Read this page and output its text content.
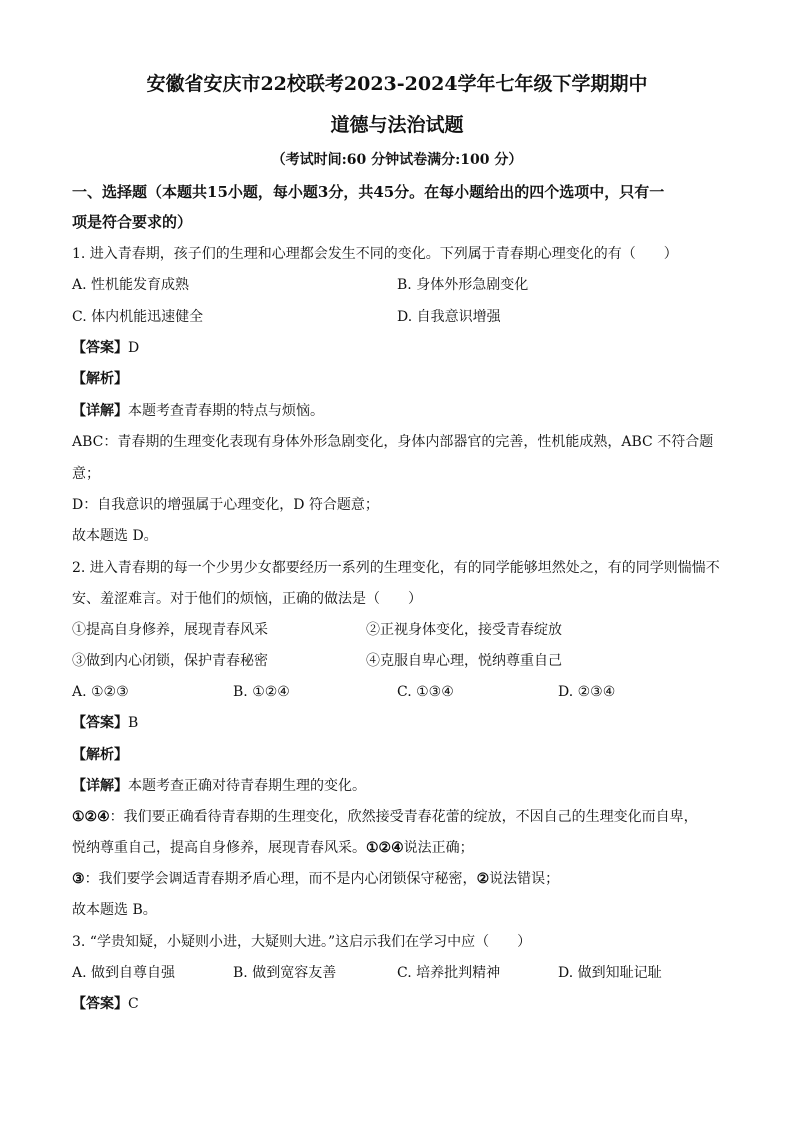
安徽省安庆市22校联考2023-2024学年七年级下学期期中
道德与法治试题
（考试时间:60 分钟试卷满分:100 分）
一、选择题（本题共15小题，每小题3分，共45分。在每小题给出的四个选项中，只有一
项是符合要求的）
1. 进入青春期，孩子们的生理和心理都会发生不同的变化。下列属于青春期心理变化的有（　　）
A. 性机能发育成熟	B. 身体外形急剧变化
C. 体内机能迅速健全	D. 自我意识增强
【答案】D
【解析】
【详解】本题考查青春期的特点与烦恼。
ABC：青春期的生理变化表现有身体外形急剧变化，身体内部器官的完善，性机能成熟，ABC 不符合题
意；
D：自我意识的增强属于心理变化，D 符合题意；
故本题选 D。
2. 进入青春期的每一个少男少女都要经历一系列的生理变化，有的同学能够坦然处之，有的同学则惴惴不
安、羞涩难言。对于他们的烦恼，正确的做法是（　　）
①提高自身修养，展现青春风采	②正视身体变化，接受青春绽放
③做到内心闭锁，保护青春秘密	④克服自卑心理，悦纳尊重自己
A. ①②③	B. ①②④	C. ①③④	D. ②③④
【答案】B
【解析】
【详解】本题考查正确对待青春期生理的变化。
①②④：我们要正确看待青春期的生理变化，欣然接受青春花蕾的绽放，不因自己的生理变化而自卑，
悦纳尊重自己，提高自身修养，展现青春风采。①②④说法正确；
③：我们要学会调适青春期矛盾心理，而不是内心闭锁保守秘密，②说法错误；
故本题选 B。
3. “学贵知疑，小疑则小进，大疑则大进。”这启示我们在学习中应（　　）
A. 做到自尊自强	B. 做到宽容友善	C. 培养批判精神	D. 做到知耻记耻
【答案】C
